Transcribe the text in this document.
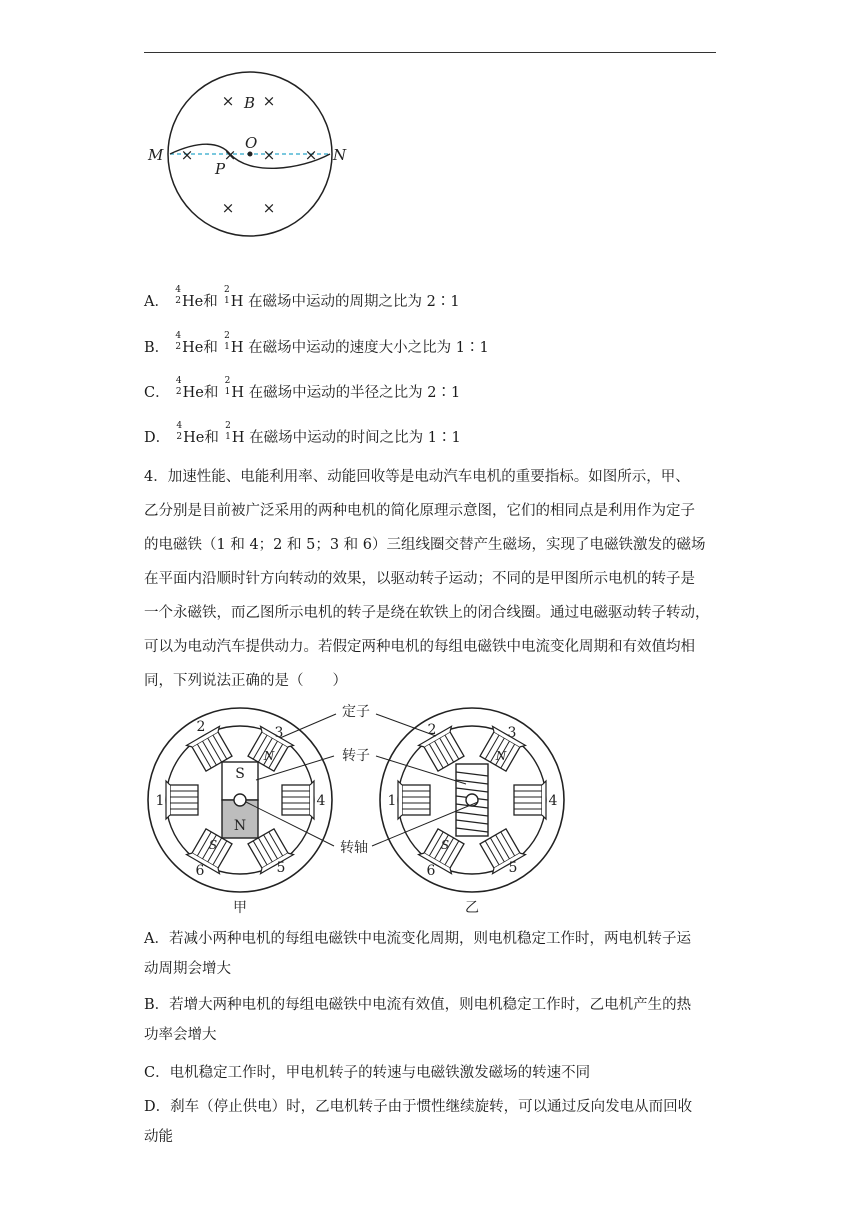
× ×
× × × ×
× ×
B
O
M	N
P
A．
4
2 He和
2
1 H 在磁场中运动的周期之比为 2∶1
B．
4
2 He和
2
1 H 在磁场中运动的速度大小之比为 1∶1
C．
4
2 He和
2
1 H 在磁场中运动的半径之比为 2∶1
D．
4
2 He和
2
1 H 在磁场中运动的时间之比为 1∶1

4．加速性能、电能利用率、动能回收等是电动汽车电机的重要指标。如图所示，甲、

乙分别是目前被广泛采用的两种电机的简化原理示意图，它们的相同点是利用作为定子

的电磁铁（1 和 4；2 和 5；3 和 6）三组线圈交替产生磁场，实现了电磁铁激发的磁场

在平面内沿顺时针方向转动的效果，以驱动转子运动；不同的是甲图所示电机的转子是

一个永磁铁，而乙图所示电机的转子是绕在软铁上的闭合线圈。通过电磁驱动转子转动，

可以为电动汽车提供动力。若假定两种电机的每组电磁铁中电流变化周期和有效值均相

同，下列说法正确的是（　　）

S
N
1
2	3
4
5
6
N
S
1
2	3
4
5
6
N
S
定子
转子
转轴
甲	乙
A．若减小两种电机的每组电磁铁中电流变化周期，则电机稳定工作时，两电机转子运
动周期会增大
B．若增大两种电机的每组电磁铁中电流有效值，则电机稳定工作时，乙电机产生的热
功率会增大
C．电机稳定工作时，甲电机转子的转速与电磁铁激发磁场的转速不同
D．刹车（停止供电）时，乙电机转子由于惯性继续旋转，可以通过反向发电从而回收
动能
